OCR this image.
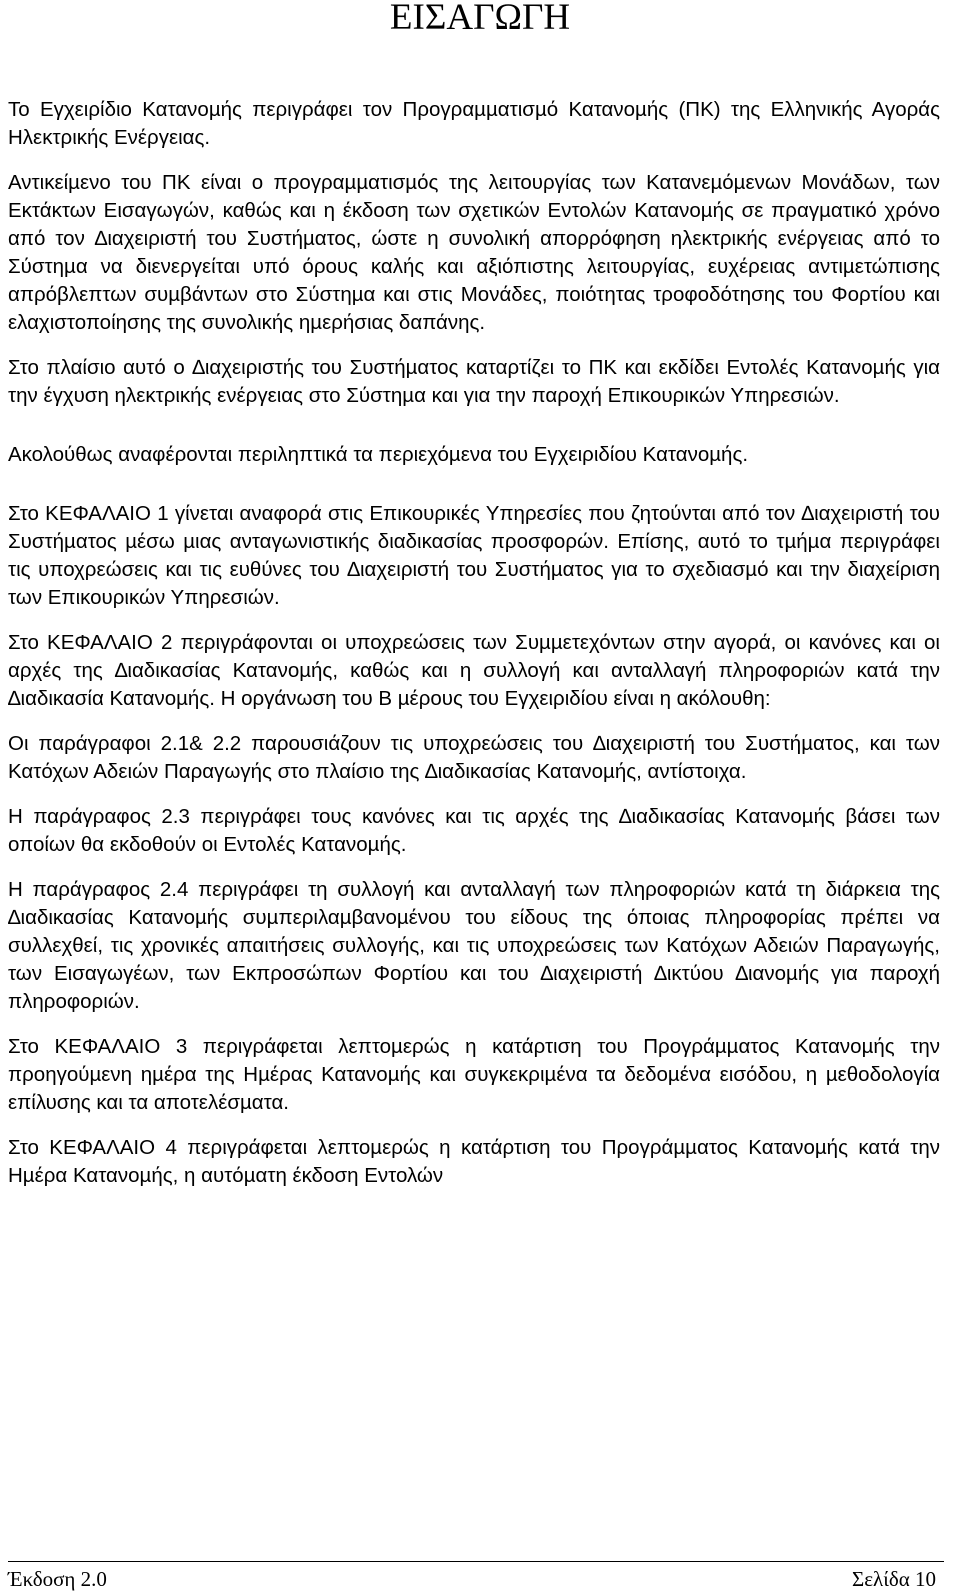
ΕΙΣΑΓΩΓΗ

Το Εγχειρίδιο Κατανοµής περιγράφει τον Προγραµµατισµό Κατανοµής (ΠΚ) της Ελληνικής Αγοράς Ηλεκτρικής Ενέργειας.

Αντικείµενο του ΠΚ είναι ο προγραµµατισµός της λειτουργίας των Κατανεµόµενων Μονάδων, των Εκτάκτων Εισαγωγών, καθώς και η έκδοση των σχετικών Εντολών Κατανοµής σε πραγµατικό χρόνο από τον ∆ιαχειριστή του Συστήµατος, ώστε η συνολική απορρόφηση ηλεκτρικής ενέργειας από το Σύστηµα να διενεργείται υπό όρους καλής και αξιόπιστης λειτουργίας, ευχέρειας αντιµετώπισης απρόβλεπτων συµβάντων στο Σύστηµα και στις Μονάδες, ποιότητας τροφοδότησης του Φορτίου και ελαχιστοποίησης της συνολικής ηµερήσιας δαπάνης.

Στο πλαίσιο αυτό ο ∆ιαχειριστής του Συστήµατος καταρτίζει το ΠΚ και εκδίδει Εντολές Κατανοµής για την έγχυση ηλεκτρικής ενέργειας στο Σύστηµα και για την παροχή Επικουρικών Υπηρεσιών.

Ακολούθως αναφέρονται περιληπτικά τα περιεχόµενα του Εγχειριδίου Κατανοµής.

Στο ΚΕΦΑΛΑΙΟ 1 γίνεται αναφορά στις Επικουρικές Υπηρεσίες που ζητούνται από τον ∆ιαχειριστή του Συστήµατος µέσω µιας ανταγωνιστικής διαδικασίας προσφορών. Επίσης, αυτό το τµήµα περιγράφει τις υποχρεώσεις και τις ευθύνες του ∆ιαχειριστή του Συστήµατος για το σχεδιασµό και την διαχείριση των Επικουρικών Υπηρεσιών.

Στο ΚΕΦΑΛΑΙΟ 2 περιγράφονται οι υποχρεώσεις των Συµµετεχόντων στην αγορά, οι κανόνες και οι αρχές της ∆ιαδικασίας Κατανοµής, καθώς και η συλλογή και ανταλλαγή πληροφοριών κατά την ∆ιαδικασία Κατανοµής. Η οργάνωση του Β µέρους του Εγχειριδίου είναι η ακόλουθη:

Οι παράγραφοι 2.1& 2.2 παρουσιάζουν τις υποχρεώσεις του ∆ιαχειριστή του Συστήµατος, και των Κατόχων Αδειών Παραγωγής στο πλαίσιο της ∆ιαδικασίας Κατανοµής, αντίστοιχα.

Η παράγραφος 2.3 περιγράφει τους κανόνες και τις αρχές της ∆ιαδικασίας Κατανοµής βάσει των οποίων θα εκδοθούν οι Εντολές Κατανοµής.

Η παράγραφος 2.4 περιγράφει τη συλλογή και ανταλλαγή των πληροφοριών κατά τη διάρκεια της ∆ιαδικασίας Κατανοµής συµπεριλαµβανοµένου του είδους της όποιας πληροφορίας πρέπει να συλλεχθεί, τις χρονικές απαιτήσεις συλλογής, και τις υποχρεώσεις των Κατόχων Αδειών Παραγωγής, των Εισαγωγέων, των Εκπροσώπων Φορτίου και του ∆ιαχειριστή ∆ικτύου ∆ιανοµής για παροχή πληροφοριών.

Στο ΚΕΦΑΛΑΙΟ 3 περιγράφεται λεπτοµερώς η κατάρτιση του Προγράµµατος Κατανοµής την προηγούµενη ηµέρα της Ηµέρας Κατανοµής και συγκεκριµένα τα δεδοµένα εισόδου, η µεθοδολογία επίλυσης και τα αποτελέσµατα.

Στο ΚΕΦΑΛΑΙΟ 4 περιγράφεται λεπτοµερώς η κατάρτιση του Προγράµµατος Κατανοµής κατά την Ηµέρα Κατανοµής, η αυτόµατη έκδοση Εντολών

Έκδοση 2.0	Σελίδα 10
